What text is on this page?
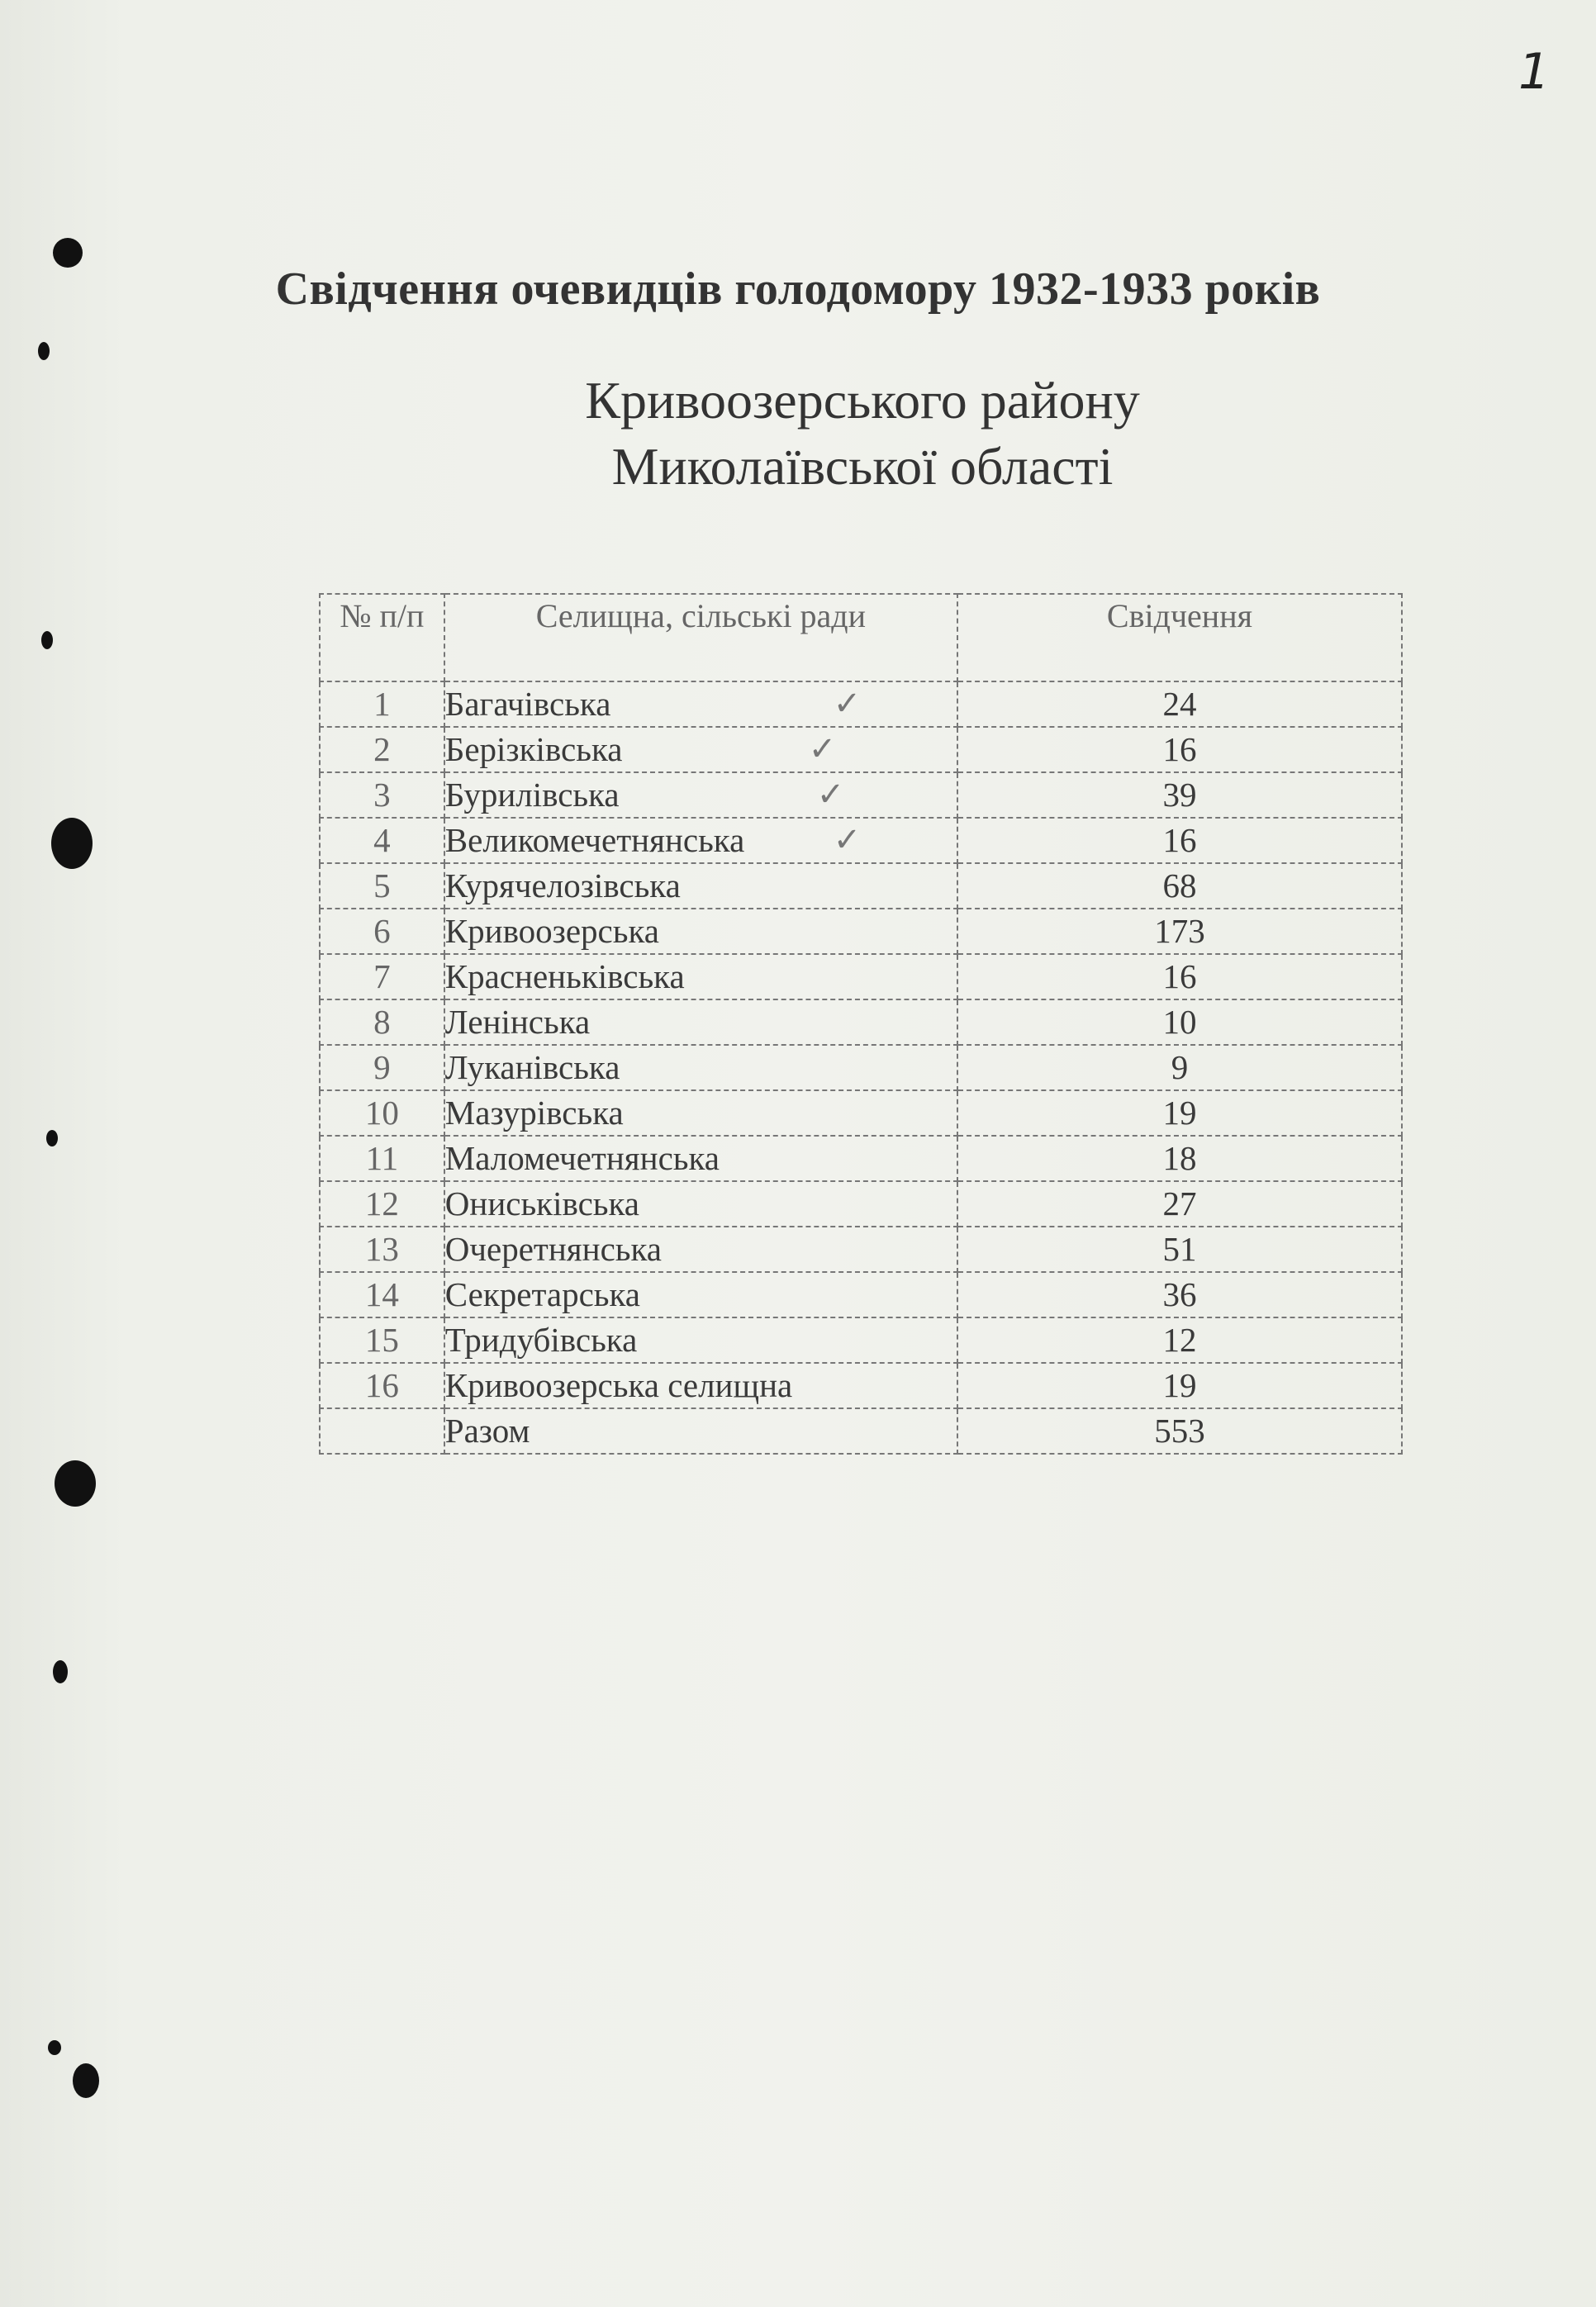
1
Свідчення очевидців голодомору 1932-1933 років
Кривоозерського району
Миколаївської області
№ п/п	Селищна, сільські ради	Свідчення
1	Багачівська ✓	24
2	Берізківська ✓	16
3	Бурилівська ✓	39
4	Великомечетнянська ✓	16
5	Курячелозівська	68
6	Кривоозерська	173
7	Красненьківська	16
8	Ленінська	10
9	Луканівська	9
10	Мазурівська	19
11	Маломечетнянська	18
12	Ониськівська	27
13	Очеретнянська	51
14	Секретарська	36
15	Тридубівська	12
16	Кривоозерська селищна	19
	Разом	553
